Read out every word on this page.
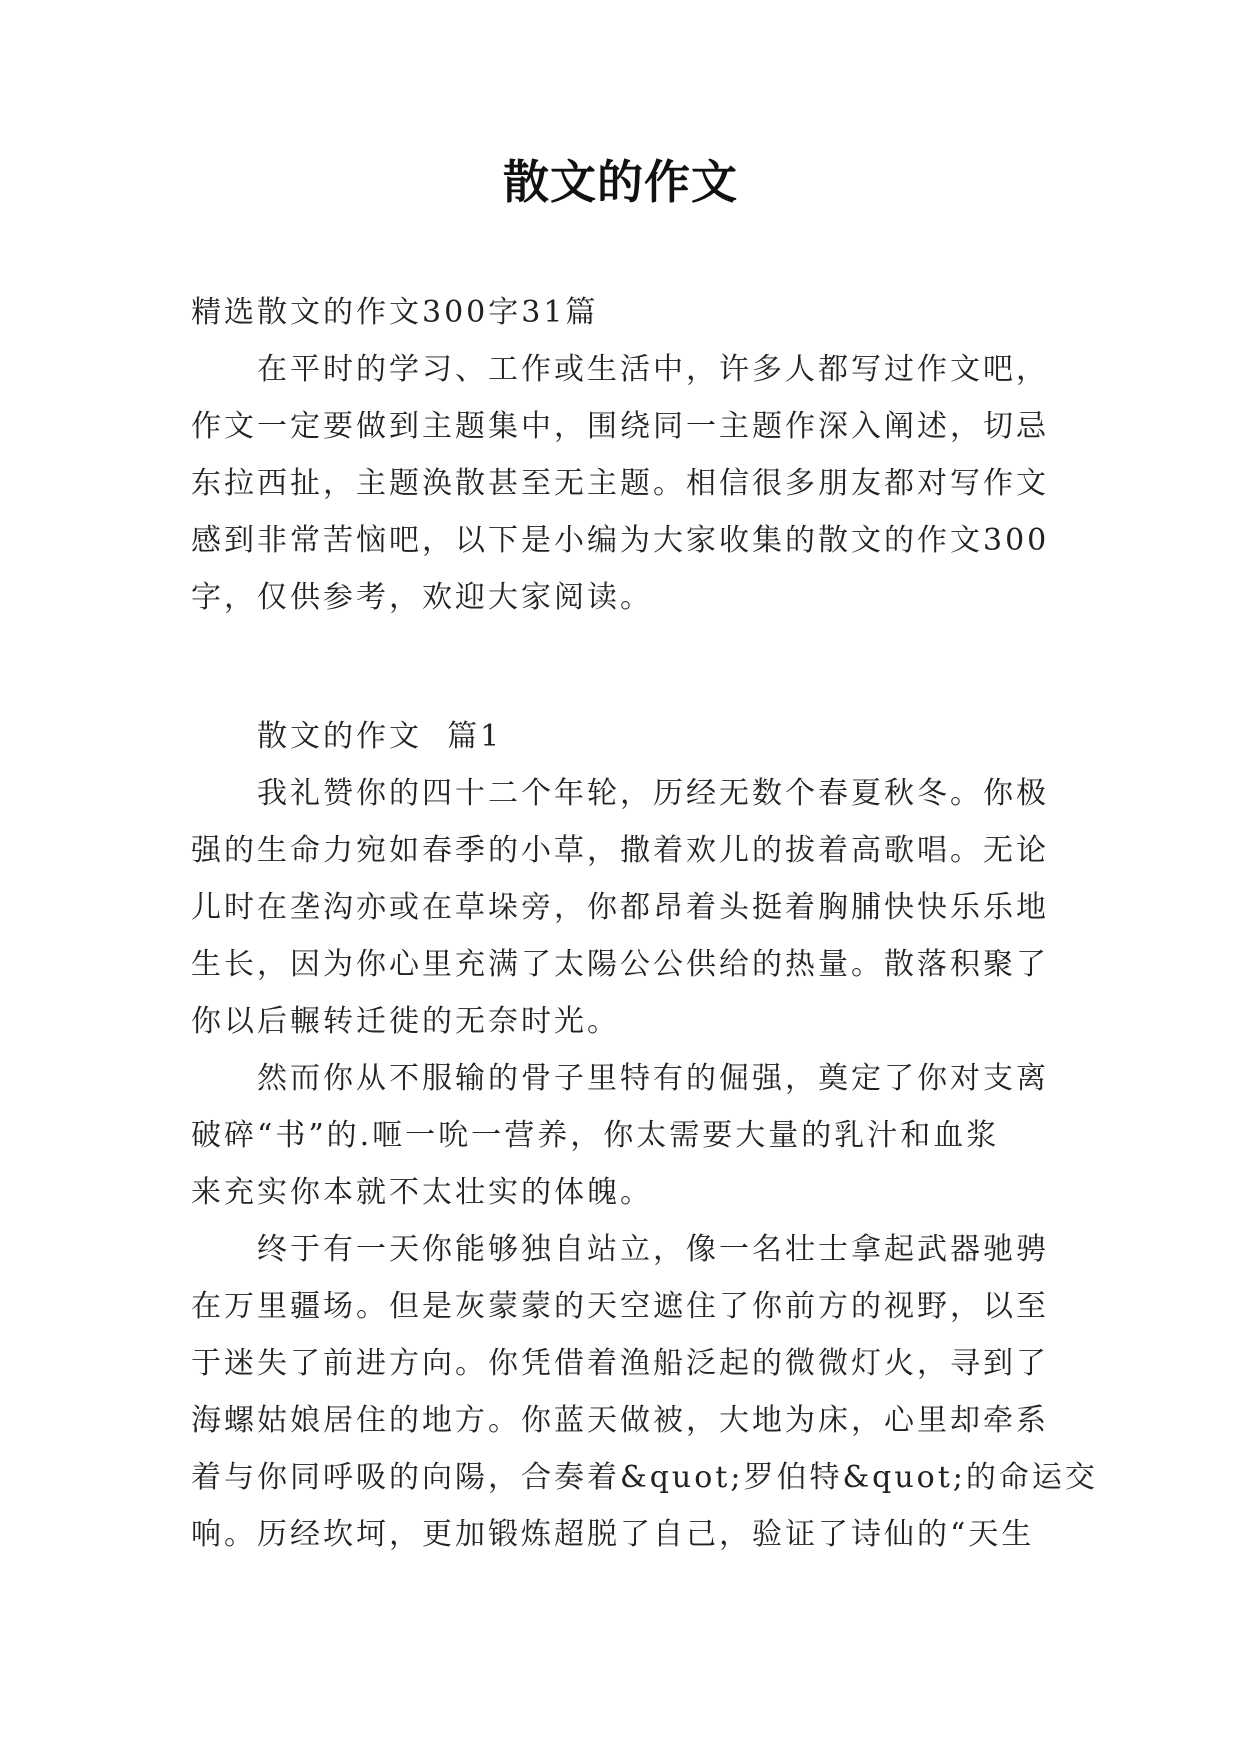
散文的作文
精选散文的作文300字31篇
在平时的学习、工作或生活中，许多人都写过作文吧，
作文一定要做到主题集中，围绕同一主题作深入阐述，切忌
东拉西扯，主题涣散甚至无主题。相信很多朋友都对写作文
感到非常苦恼吧，以下是小编为大家收集的散文的作文300
字，仅供参考，欢迎大家阅读。
散文的作文  篇1
我礼赞你的四十二个年轮，历经无数个春夏秋冬。你极
强的生命力宛如春季的小草，撒着欢儿的拔着高歌唱。无论
儿时在垄沟亦或在草垛旁，你都昂着头挺着胸脯快快乐乐地
生长，因为你心里充满了太陽公公供给的热量。散落积聚了
你以后輾转迁徙的无奈时光。
然而你从不服输的骨子里特有的倔强，奠定了你对支离
破碎“书”的.咂一吮一营养，你太需要大量的乳汁和血浆
来充实你本就不太壮实的体魄。
终于有一天你能够独自站立，像一名壮士拿起武器驰骋
在万里疆场。但是灰蒙蒙的天空遮住了你前方的视野，以至
于迷失了前进方向。你凭借着渔船泛起的微微灯火，寻到了
海螺姑娘居住的地方。你蓝天做被，大地为床，心里却牵系
着与你同呼吸的向陽，合奏着&quot;罗伯特&quot;的命运交
响。历经坎坷，更加锻炼超脱了自己，验证了诗仙的“天生
